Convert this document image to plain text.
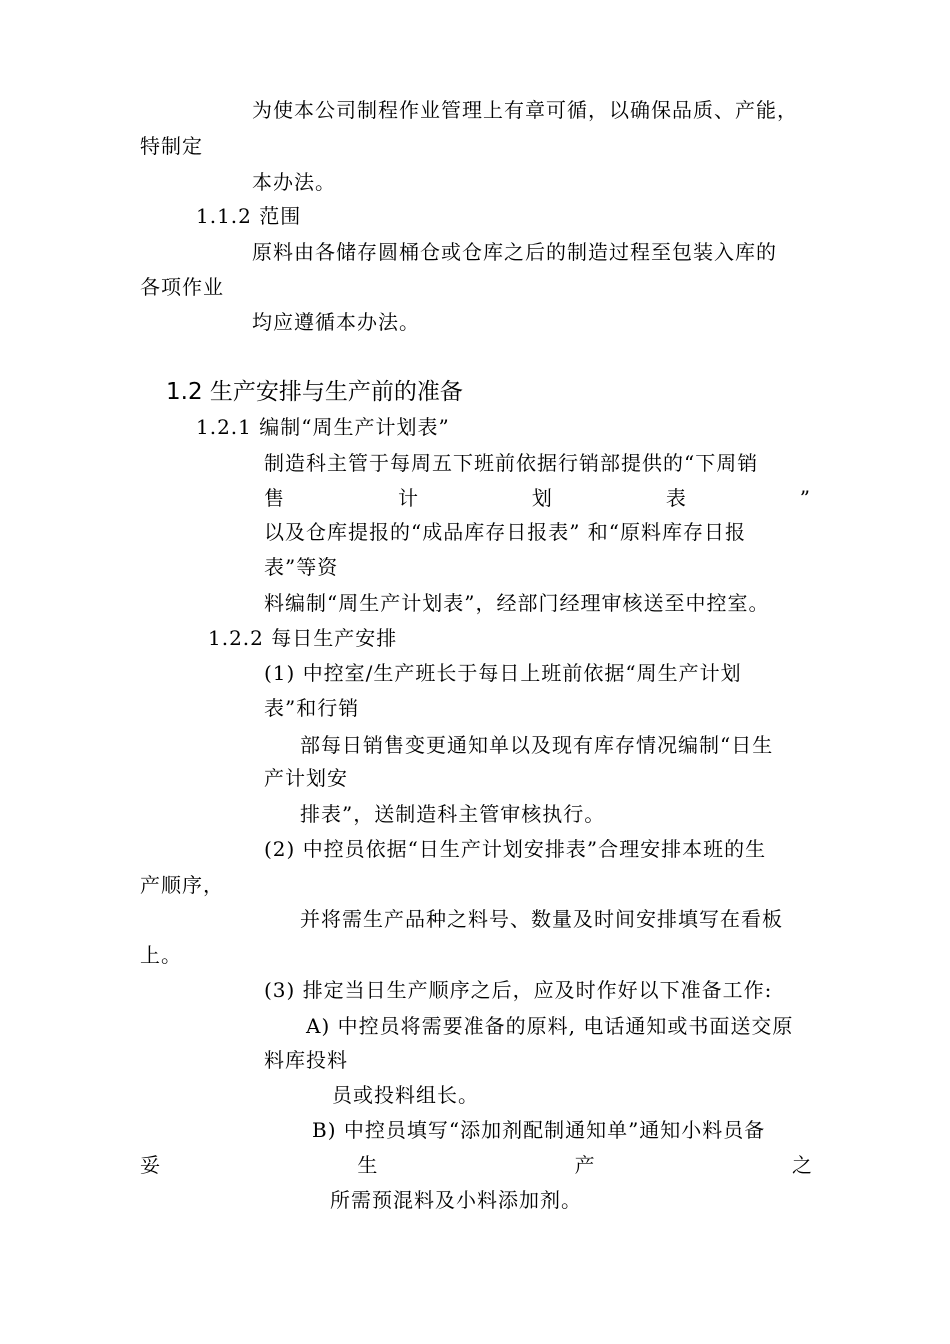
为使本公司制程作业管理上有章可循，以确保品质、产能，
特制定
本办法。
1.1.2 范围
原料由各储存圆桶仓或仓库之后的制造过程至包装入库的
各项作业
均应遵循本办法。
1.2 生产安排与生产前的准备
1.2.1 编制“周生产计划表”
制造科主管于每周五下班前依据行销部提供的“下周销
售	计	划	表	”
以及仓库提报的“成品库存日报表” 和“原料库存日报
表”等资
料编制“周生产计划表”，经部门经理审核送至中控室。
1.2.2 每日生产安排
(1) 中控室/生产班长于每日上班前依据“周生产计划
表”和行销
部每日销售变更通知单以及现有库存情况编制“日生
产计划安
排表”，送制造科主管审核执行。
(2) 中控员依据“日生产计划安排表”合理安排本班的生
产顺序，
并将需生产品种之料号、数量及时间安排填写在看板
上。
(3) 排定当日生产顺序之后，应及时作好以下准备工作:
A) 中控员将需要准备的原料, 电话通知或书面送交原
料库投料
员或投料组长。
B) 中控员填写“添加剂配制通知单”通知小料员备
妥	生	产	之
所需预混料及小料添加剂。
